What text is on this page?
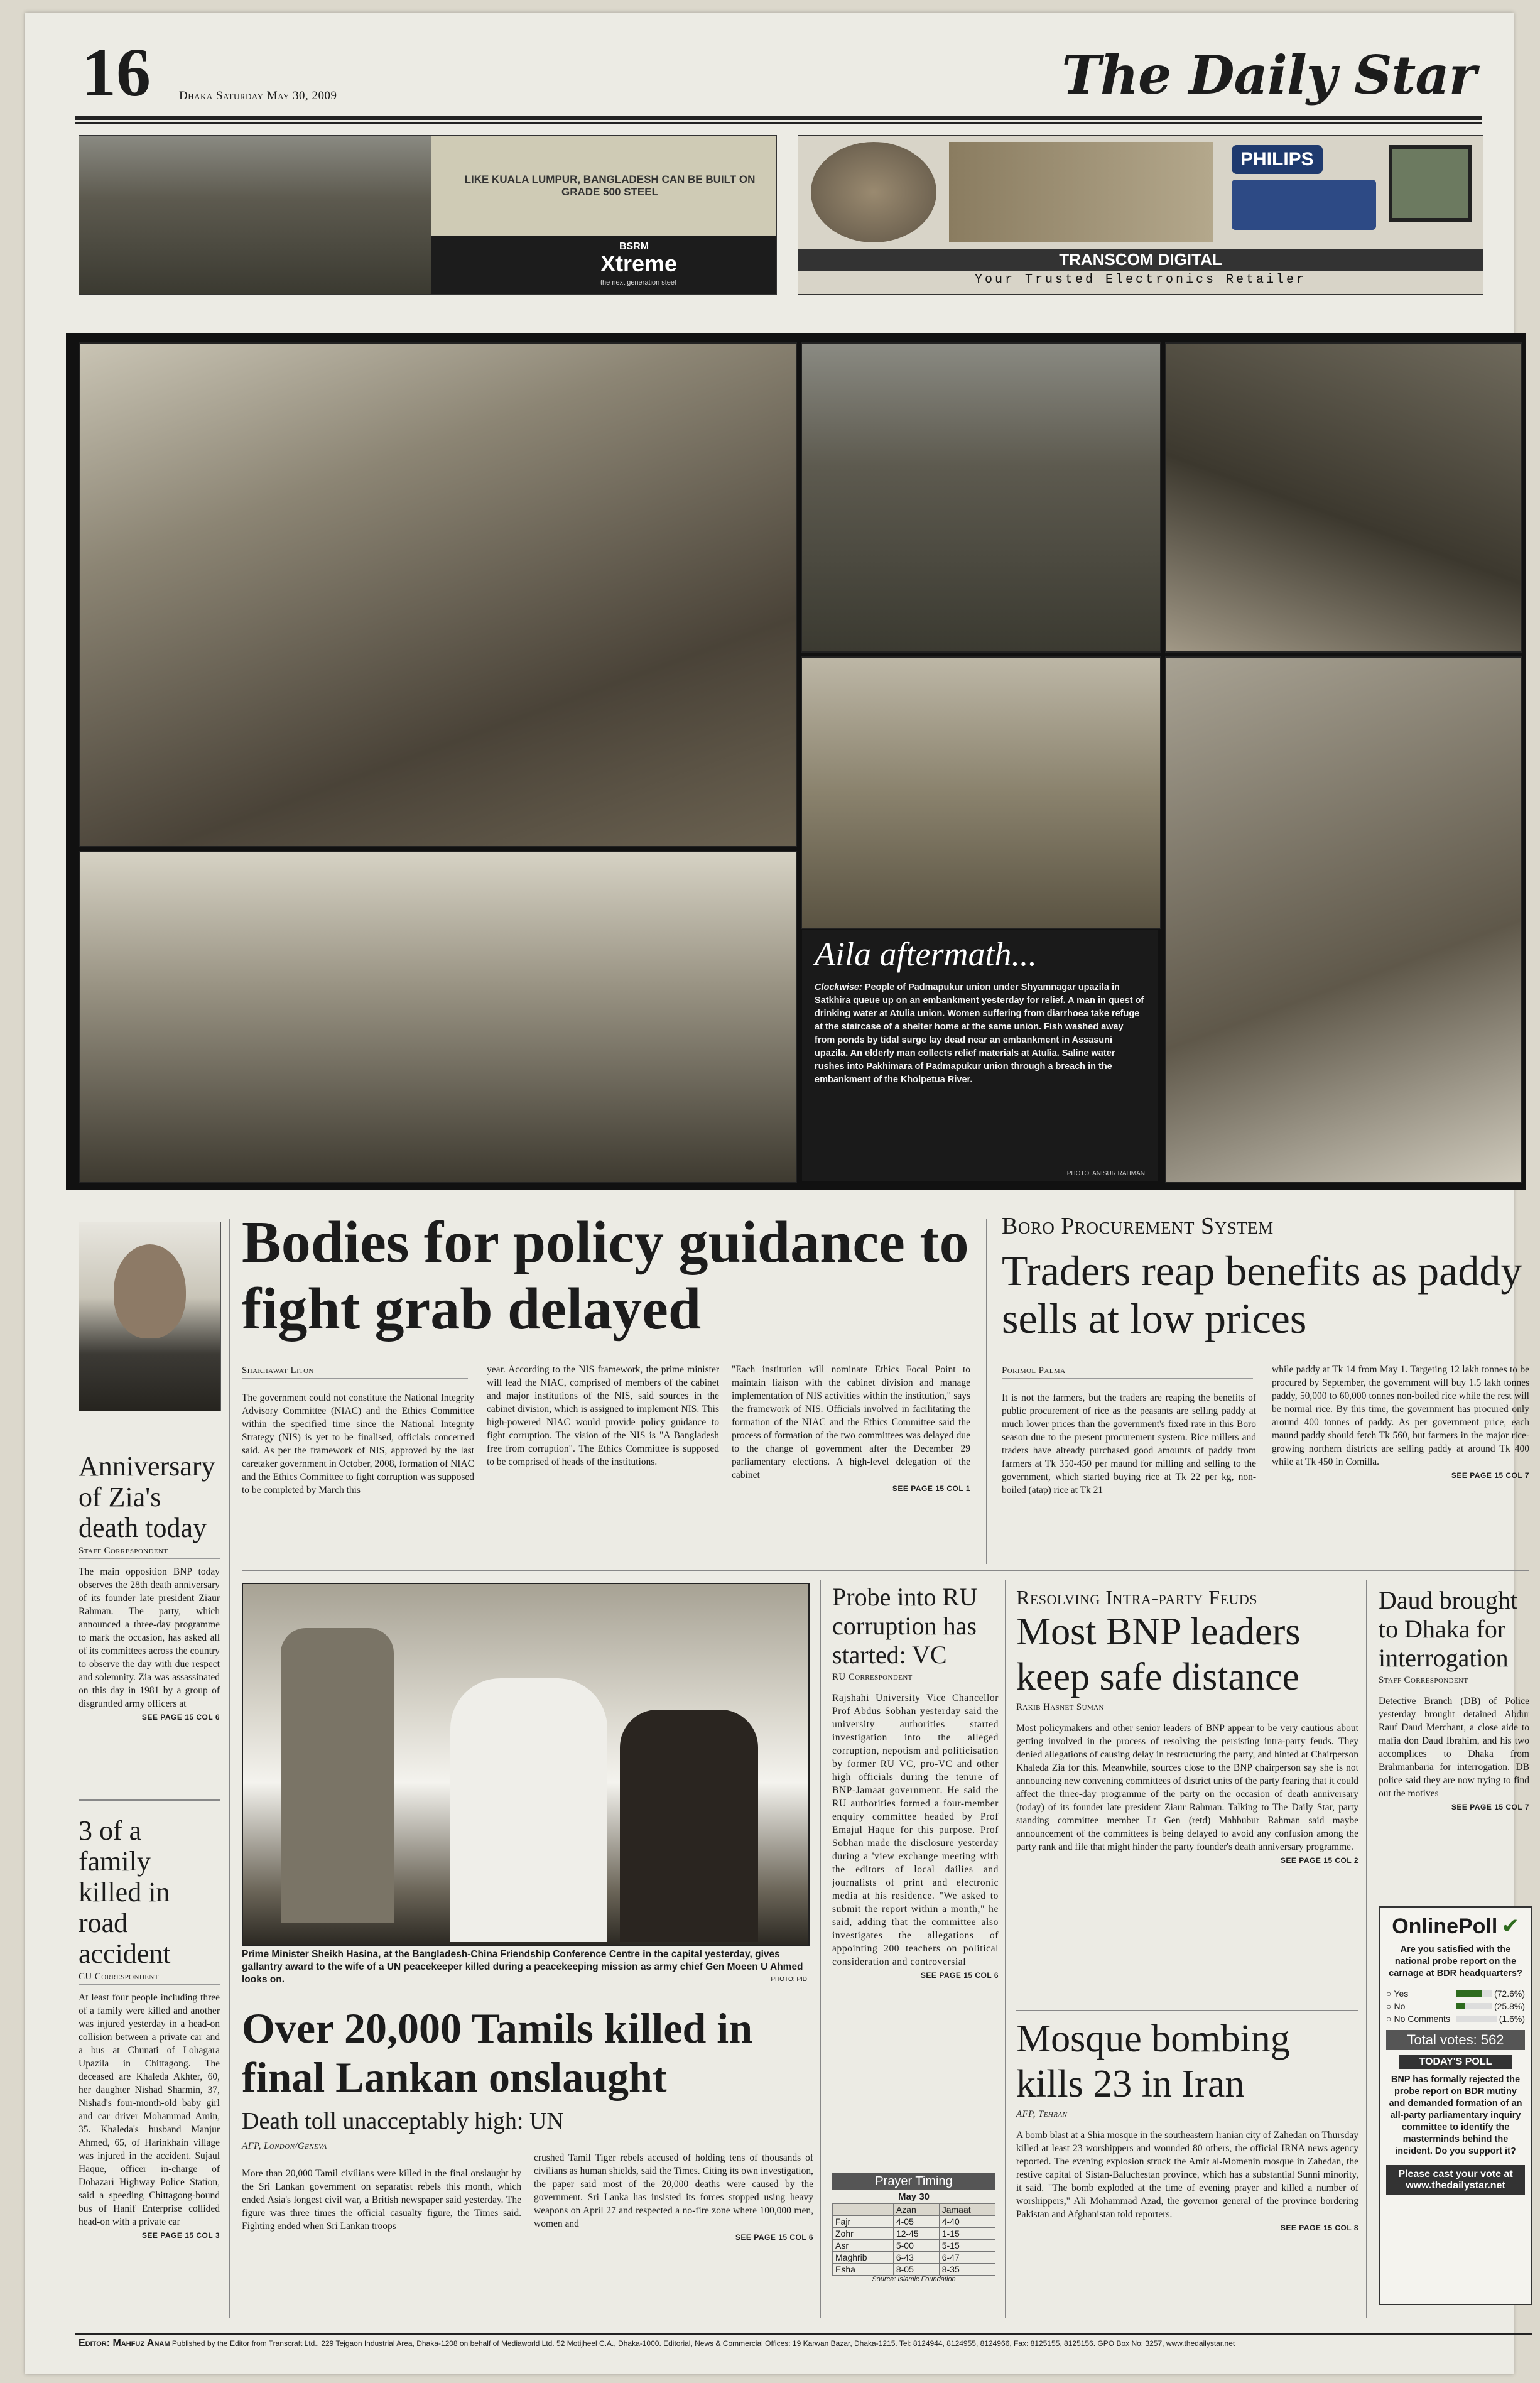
16 Dhaka Saturday May 30, 2009	The Daily Star
LIKE KUALA LUMPUR, BANGLADESH CAN BE BUILT ON GRADE 500 STEEL
BSRM
Xtreme
the next generation steel
PHILIPS
TRANSCOM DIGITAL
Your Trusted Electronics Retailer
Aila aftermath...
Clockwise: People of Padmapukur union under Shyamnagar upazila in Satkhira queue up on an embankment yesterday for relief. A man in quest of drinking water at Atulia union. Women suffering from diarrhoea take refuge at the staircase of a shelter home at the same union. Fish washed away from ponds by tidal surge lay dead near an embankment in Assasuni upazila. An elderly man collects relief materials at Atulia. Saline water rushes into Pakhimara of Padmapukur union through a breach in the embankment of the Kholpetua River.
PHOTO: ANISUR RAHMAN
Anniversary of Zia's death today
Staff Correspondent
The main opposition BNP today observes the 28th death anniversary of its founder late president Ziaur Rahman. The party, which announced a three-day programme to mark the occasion, has asked all of its committees across the country to observe the day with due respect and solemnity. Zia was assassinated on this day in 1981 by a group of disgruntled army officers at
SEE PAGE 15 COL 6
3 of a family killed in road accident
CU Correspondent
At least four people including three of a family were killed and another was injured yesterday in a head-on collision between a private car and a bus at Chunati of Lohagara Upazila in Chittagong. The deceased are Khaleda Akhter, 60, her daughter Nishad Sharmin, 37, Nishad's four-month-old baby girl and car driver Mohammad Amin, 35. Khaleda's husband Manjur Ahmed, 65, of Harinkhain village was injured in the accident. Sujaul Haque, officer in-charge of Dohazari Highway Police Station, said a speeding Chittagong-bound bus of Hanif Enterprise collided head-on with a private car
SEE PAGE 15 COL 3
Bodies for policy guidance to fight grab delayed
Shakhawat Liton
The government could not constitute the National Integrity Advisory Committee (NIAC) and the Ethics Committee within the specified time since the National Integrity Strategy (NIS) is yet to be finalised, officials concerned said. As per the framework of NIS, approved by the last caretaker government in October, 2008, formation of NIAC and the Ethics Committee to fight corruption was supposed to be completed by March this
year. According to the NIS framework, the prime minister will lead the NIAC, comprised of members of the cabinet and major institutions of the NIS, said sources in the cabinet division, which is assigned to implement NIS. This high-powered NIAC would provide policy guidance to fight corruption. The vision of the NIS is "A Bangladesh free from corruption". The Ethics Committee is supposed to be comprised of heads of the institutions.
"Each institution will nominate Ethics Focal Point to maintain liaison with the cabinet division and manage implementation of NIS activities within the institution," says the framework of NIS. Officials involved in facilitating the formation of the NIAC and the Ethics Committee said the process of formation of the two committees was delayed due to the change of government after the December 29 parliamentary elections. A high-level delegation of the cabinet
SEE PAGE 15 COL 1
Boro Procurement System
Traders reap benefits as paddy sells at low prices
Porimol Palma
It is not the farmers, but the traders are reaping the benefits of public procurement of rice as the peasants are selling paddy at much lower prices than the government's fixed rate in this Boro season due to the present procurement system. Rice millers and traders have already purchased good amounts of paddy from farmers at Tk 350-450 per maund for milling and selling to the government, which started buying rice at Tk 22 per kg, non-boiled (atap) rice at Tk 21
while paddy at Tk 14 from May 1. Targeting 12 lakh tonnes to be procured by September, the government will buy 1.5 lakh tonnes paddy, 50,000 to 60,000 tonnes non-boiled rice while the rest will be normal rice. By this time, the government has procured only around 400 tonnes of paddy. As per government price, each maund paddy should fetch Tk 560, but farmers in the major rice-growing northern districts are selling paddy at around Tk 400 while at Tk 450 in Comilla.
SEE PAGE 15 COL 7
Prime Minister Sheikh Hasina, at the Bangladesh-China Friendship Conference Centre in the capital yesterday, gives gallantry award to the wife of a UN peacekeeper killed during a peacekeeping mission as army chief Gen Moeen U Ahmed looks on.	PHOTO: PID
Over 20,000 Tamils killed in final Lankan onslaught
Death toll unacceptably high: UN
AFP, London/Geneva
More than 20,000 Tamil civilians were killed in the final onslaught by the Sri Lankan government on separatist rebels this month, which ended Asia's longest civil war, a British newspaper said yesterday. The figure was three times the official casualty figure, the Times said. Fighting ended when Sri Lankan troops
crushed Tamil Tiger rebels accused of holding tens of thousands of civilians as human shields, said the Times. Citing its own investigation, the paper said most of the 20,000 deaths were caused by the government. Sri Lanka has insisted its forces stopped using heavy weapons on April 27 and respected a no-fire zone where 100,000 men, women and
SEE PAGE 15 COL 6
Probe into RU corruption has started: VC
RU Correspondent
Rajshahi University Vice Chancellor Prof Abdus Sobhan yesterday said the university authorities started investigation into the alleged corruption, nepotism and politicisation by former RU VC, pro-VC and other high officials during the tenure of BNP-Jamaat government. He said the RU authorities formed a four-member enquiry committee headed by Prof Emajul Haque for this purpose. Prof Sobhan made the disclosure yesterday during a 'view exchange meeting with the editors of local dailies and journalists of print and electronic media at his residence. "We asked to submit the report within a month," he said, adding that the committee also investigates the allegations of appointing 200 teachers on political consideration and controversial
SEE PAGE 15 COL 6
Prayer Timing
May 30
	Azan	Jamaat
Fajr	4-05	4-40
Zohr	12-45	1-15
Asr	5-00	5-15
Maghrib	6-43	6-47
Esha	8-05	8-35
Source: Islamic Foundation
Resolving Intra-party Feuds
Most BNP leaders keep safe distance
Rakib Hasnet Suman
Most policymakers and other senior leaders of BNP appear to be very cautious about getting involved in the process of resolving the persisting intra-party feuds. They denied allegations of causing delay in restructuring the party, and hinted at Chairperson Khaleda Zia for this. Meanwhile, sources close to the BNP chairperson say she is not announcing new convening committees of district units of the party fearing that it could affect the three-day programme of the party on the occasion of death anniversary (today) of its founder late president Ziaur Rahman. Talking to The Daily Star, party standing committee member Lt Gen (retd) Mahbubur Rahman said maybe announcement of the committees is being delayed to avoid any confusion among the party rank and file that might hinder the party founder's death anniversary programme.
SEE PAGE 15 COL 2
Mosque bombing kills 23 in Iran
AFP, Tehran
A bomb blast at a Shia mosque in the southeastern Iranian city of Zahedan on Thursday killed at least 23 worshippers and wounded 80 others, the official IRNA news agency reported. The evening explosion struck the Amir al-Momenin mosque in Zahedan, the restive capital of Sistan-Baluchestan province, which has a substantial Sunni minority, it said. "The bomb exploded at the time of evening prayer and killed a number of worshippers," Ali Mohammad Azad, the governor general of the province bordering Pakistan and Afghanistan told reporters.
SEE PAGE 15 COL 8
Daud brought to Dhaka for interrogation
Staff Correspondent
Detective Branch (DB) of Police yesterday brought detained Abdur Rauf Daud Merchant, a close aide to mafia don Daud Ibrahim, and his two accomplices to Dhaka from Brahmanbaria for interrogation. DB police said they are now trying to find out the motives
SEE PAGE 15 COL 7
OnlinePoll ✔
Are you satisfied with the national probe report on the carnage at BDR headquarters?
○ Yes	(72.6%)
○ No	(25.8%)
○ No Comments	(1.6%)
Total votes: 562
TODAY'S POLL
BNP has formally rejected the probe report on BDR mutiny and demanded formation of an all-party parliamentary inquiry committee to identify the masterminds behind the incident. Do you support it?
Please cast your vote at www.thedailystar.net
Editor: Mahfuz Anam Published by the Editor from Transcraft Ltd., 229 Tejgaon Industrial Area, Dhaka-1208 on behalf of Mediaworld Ltd. 52 Motijheel C.A., Dhaka-1000. Editorial, News & Commercial Offices: 19 Karwan Bazar, Dhaka-1215. Tel: 8124944, 8124955, 8124966, Fax: 8125155, 8125156. GPO Box No: 3257, www.thedailystar.net
